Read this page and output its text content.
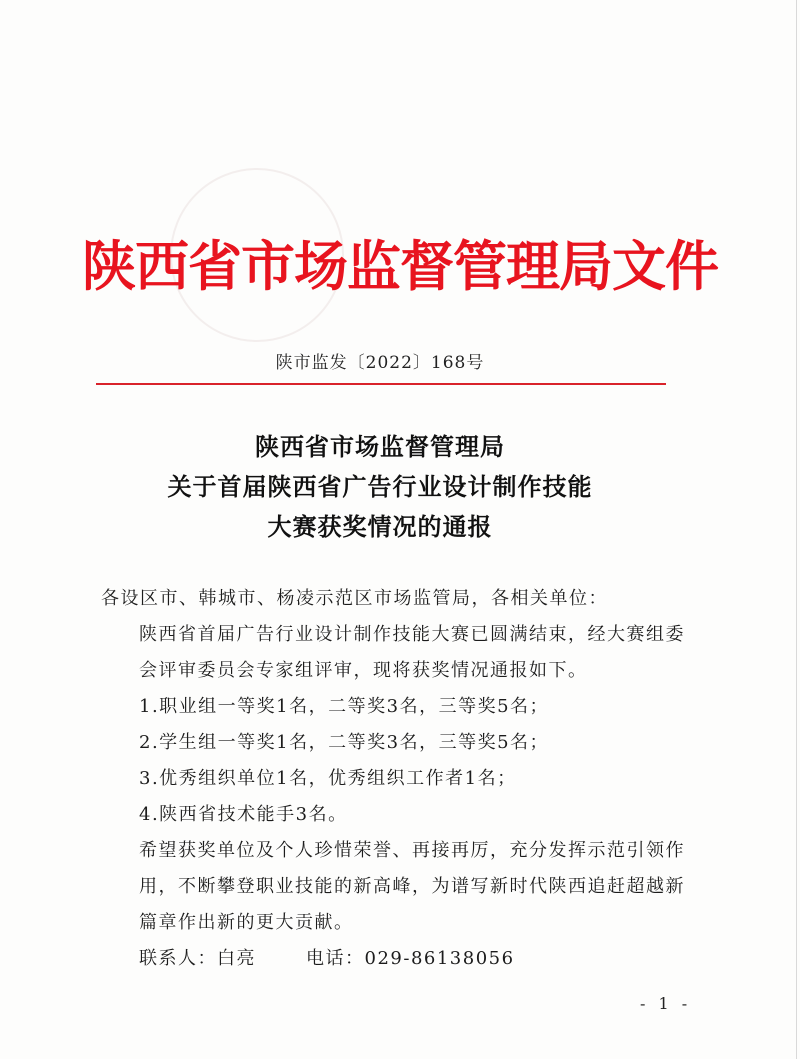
陕西省市场监督管理局文件
陕市监发〔2022〕168号
陕西省市场监督管理局
关于首届陕西省广告行业设计制作技能
大赛获奖情况的通报

各设区市、韩城市、杨凌示范区市场监管局，各相关单位：

陕西省首届广告行业设计制作技能大赛已圆满结束，经大赛组委会评审委员会专家组评审，现将获奖情况通报如下。

1.职业组一等奖1名，二等奖3名，三等奖5名；

2.学生组一等奖1名，二等奖3名，三等奖5名；

3.优秀组织单位1名，优秀组织工作者1名；

4.陕西省技术能手3名。

希望获奖单位及个人珍惜荣誉、再接再厉，充分发挥示范引领作用，不断攀登职业技能的新高峰，为谱写新时代陕西追赶超越新篇章作出新的更大贡献。

联系人：白亮	电话：029-86138056

- 1 -
